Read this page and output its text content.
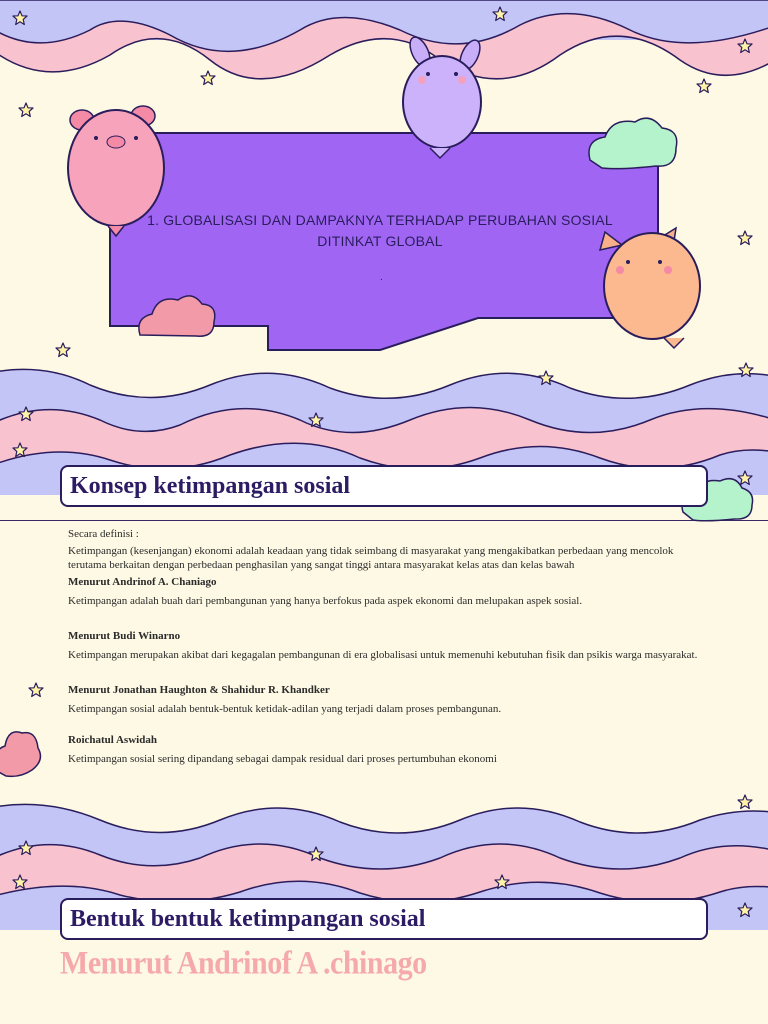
1. GLOBALISASI DAN DAMPAKNYA TERHADAP PERUBAHAN SOSIAL
DITINKAT GLOBAL
.
Konsep ketimpangan sosial

Secara definisi :

Ketimpangan (kesenjangan) ekonomi adalah keadaan yang tidak seimbang di masyarakat yang mengakibatkan perbedaan yang mencolok terutama berkaitan dengan perbedaan penghasilan yang sangat tinggi antara masyarakat kelas atas dan kelas bawah

Menurut Andrinof A. Chaniago

Ketimpangan adalah buah dari pembangunan yang hanya berfokus pada aspek ekonomi dan melupakan aspek sosial.

Menurut Budi Winarno

Ketimpangan merupakan akibat dari kegagalan pembangunan di era globalisasi untuk memenuhi kebutuhan fisik dan psikis warga masyarakat.

Menurut Jonathan Haughton & Shahidur R. Khandker

Ketimpangan sosial adalah bentuk-bentuk ketidak-adilan yang terjadi dalam proses pembangunan.

Roichatul Aswidah

Ketimpangan sosial sering dipandang sebagai dampak residual dari proses pertumbuhan ekonomi

Bentuk bentuk ketimpangan sosial
Menurut Andrinof A .chinago
